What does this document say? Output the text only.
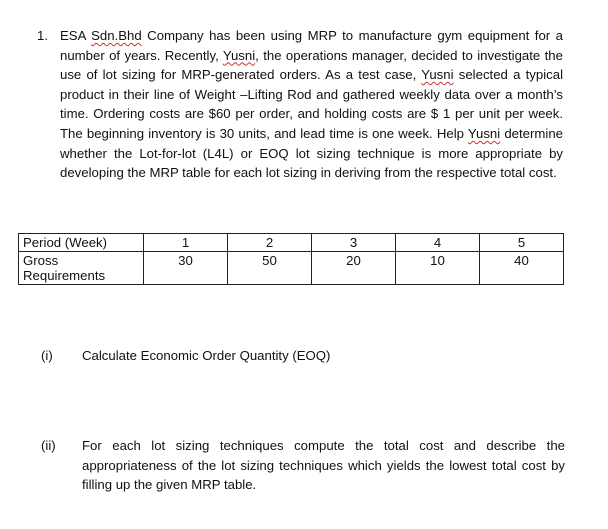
1. ESA Sdn.Bhd Company has been using MRP to manufacture gym equipment for a number of years. Recently, Yusni, the operations manager, decided to investigate the use of lot sizing for MRP-generated orders. As a test case, Yusni selected a typical product in their line of Weight –Lifting Rod and gathered weekly data over a month’s time. Ordering costs are $60 per order, and holding costs are $ 1 per unit per week. The beginning inventory is 30 units, and lead time is one week. Help Yusni determine whether the Lot-for-lot (L4L) or EOQ lot sizing technique is more appropriate by developing the MRP table for each lot sizing in deriving from the respective total cost.

Period (Week)	1	2	3	4	5
Gross Requirements	30	50	20	10	40
(i) Calculate Economic Order Quantity (EOQ)

(ii) For each lot sizing techniques compute the total cost and describe the appropriateness of the lot sizing techniques which yields the lowest total cost by filling up the given MRP table.
